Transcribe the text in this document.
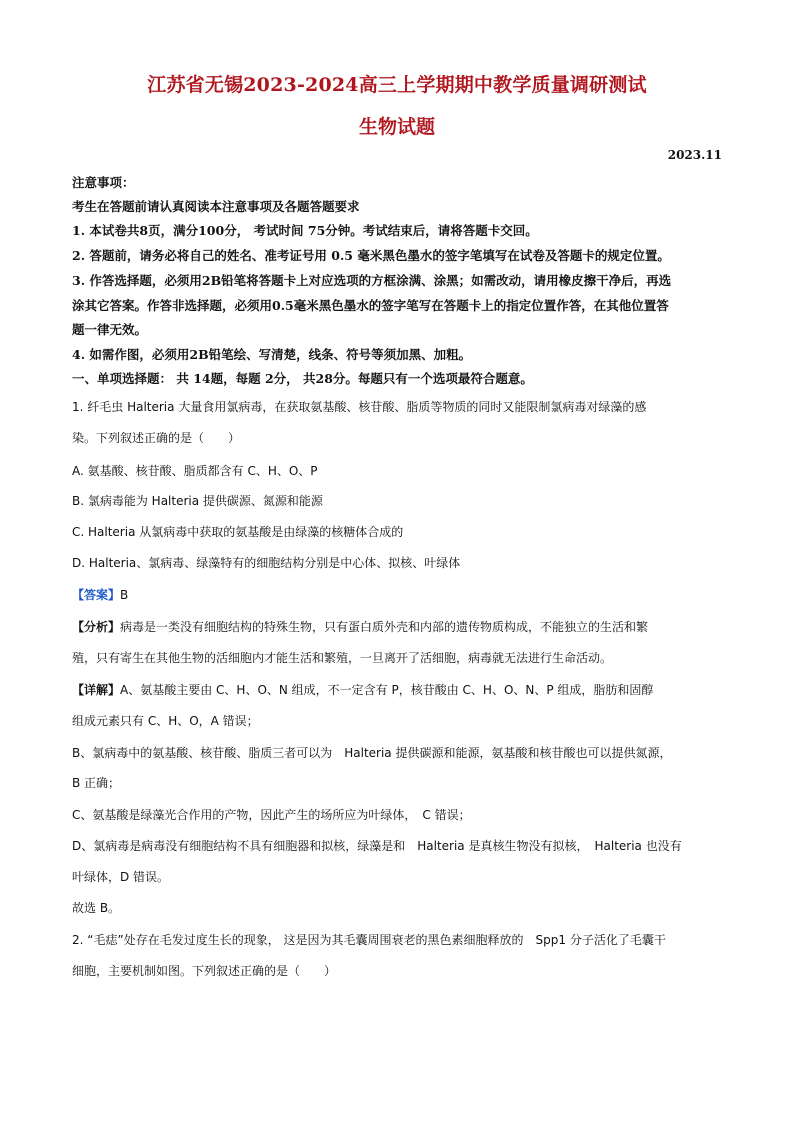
江苏省无锡2023-2024高三上学期期中教学质量调研测试
生物试题
2023.11
注意事项：
考生在答题前请认真阅读本注意事项及各题答题要求
1. 本试卷共8页，满分100分， 考试时间 75分钟。考试结束后，请将答题卡交回。
2. 答题前，请务必将自己的姓名、准考证号用 0.5 毫米黑色墨水的签字笔填写在试卷及答题卡的规定位置。
3. 作答选择题，必须用2B铅笔将答题卡上对应选项的方框涂满、涂黑；如需改动，请用橡皮擦干净后，再选
涂其它答案。作答非选择题，必须用0.5毫米黑色墨水的签字笔写在答题卡上的指定位置作答，在其他位置答
题一律无效。
4. 如需作图，必须用2B铅笔绘、写清楚，线条、符号等须加黑、加粗。
一、单项选择题： 共 14题，每题 2分， 共28分。每题只有一个选项最符合题意。
1. 纤毛虫 Halteria 大量食用氯病毒，在获取氨基酸、核苷酸、脂质等物质的同时又能限制氯病毒对绿藻的感
染。下列叙述正确的是（　　）
A. 氨基酸、核苷酸、脂质都含有 C、H、O、P
B. 氯病毒能为 Halteria 提供碳源、氮源和能源
C. Halteria 从氯病毒中获取的氨基酸是由绿藻的核糖体合成的
D. Halteria、氯病毒、绿藻特有的细胞结构分别是中心体、拟核、叶绿体
【答案】B
【分析】病毒是一类没有细胞结构的特殊生物，只有蛋白质外壳和内部的遗传物质构成，不能独立的生活和繁
殖，只有寄生在其他生物的活细胞内才能生活和繁殖，一旦离开了活细胞，病毒就无法进行生命活动。
【详解】A、氨基酸主要由 C、H、O、N 组成，不一定含有 P，核苷酸由 C、H、O、N、P 组成，脂肪和固醇
组成元素只有 C、H、O，A 错误；
B、氯病毒中的氨基酸、核苷酸、脂质三者可以为　Halteria 提供碳源和能源，氨基酸和核苷酸也可以提供氮源，
B 正确；
C、氨基酸是绿藻光合作用的产物，因此产生的场所应为叶绿体，　C 错误；
D、氯病毒是病毒没有细胞结构不具有细胞器和拟核，绿藻是和　Halteria 是真核生物没有拟核，　Halteria 也没有
叶绿体，D 错误。
故选 B。
2. “毛痣”处存在毛发过度生长的现象， 这是因为其毛囊周围衰老的黑色素细胞释放的　Spp1 分子活化了毛囊干
细胞，主要机制如图。下列叙述正确的是（　　）
